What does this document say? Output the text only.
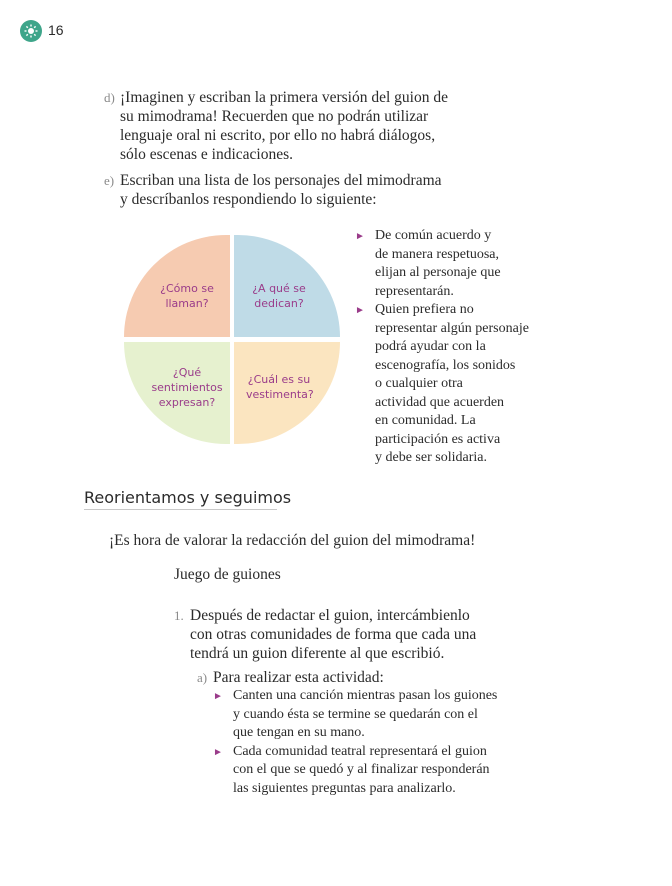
16
d) ¡Imaginen y escriban la primera versión del guion de

su mimodrama! Recuerden que no podrán utilizar

lenguaje oral ni escrito, por ello no habrá diálogos,

sólo escenas e indicaciones.

e) Escriban una lista de los personajes del mimodrama

y descríbanlos respondiendo lo siguiente:

¿Cómo se llaman?
¿A qué se dedican?
¿Qué sentimientos expresan?
¿Cuál es su vestimenta?
► De común acuerdo y
de manera respetuosa,
elijan al personaje que
representarán.
► Quien prefiera no
representar algún personaje
podrá ayudar con la
escenografía, los sonidos
o cualquier otra
actividad que acuerden
en comunidad. La
participación es activa
y debe ser solidaria.
Reorientamos y seguimos

¡Es hora de valorar la redacción del guion del mimodrama!

Juego de guiones

1. Después de redactar el guion, intercámbienlo

con otras comunidades de forma que cada una

tendrá un guion diferente al que escribió.

a) Para realizar esta actividad:

► Canten una canción mientras pasan los guiones
y cuando ésta se termine se quedarán con el
que tengan en su mano.
► Cada comunidad teatral representará el guion
con el que se quedó y al finalizar responderán
las siguientes preguntas para analizarlo.
